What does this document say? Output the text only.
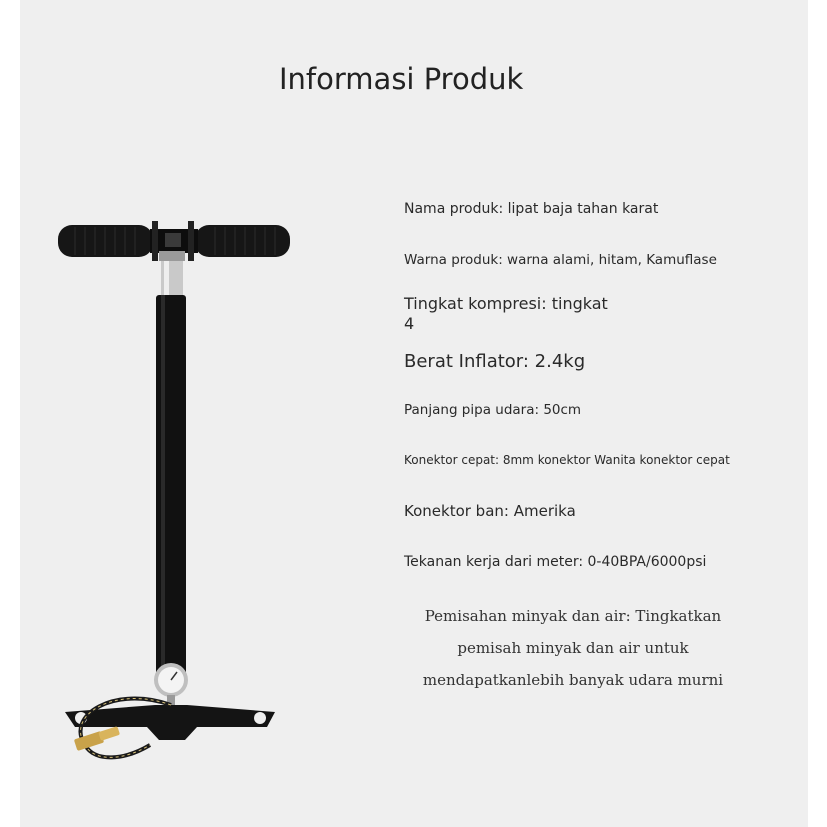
Informasi Produk
Nama produk: lipat baja tahan karat
Warna produk: warna alami, hitam, Kamuflase
Tingkat kompresi: tingkat 4
Berat Inflator: 2.4kg
Panjang pipa udara: 50cm
Konektor cepat: 8mm konektor Wanita konektor cepat
Konektor ban: Amerika
Tekanan kerja dari meter: 0-40BPA/6000psi
Pemisahan minyak dan air: Tingkatkan
pemisah minyak dan air untuk
mendapatkanlebih banyak udara murni
